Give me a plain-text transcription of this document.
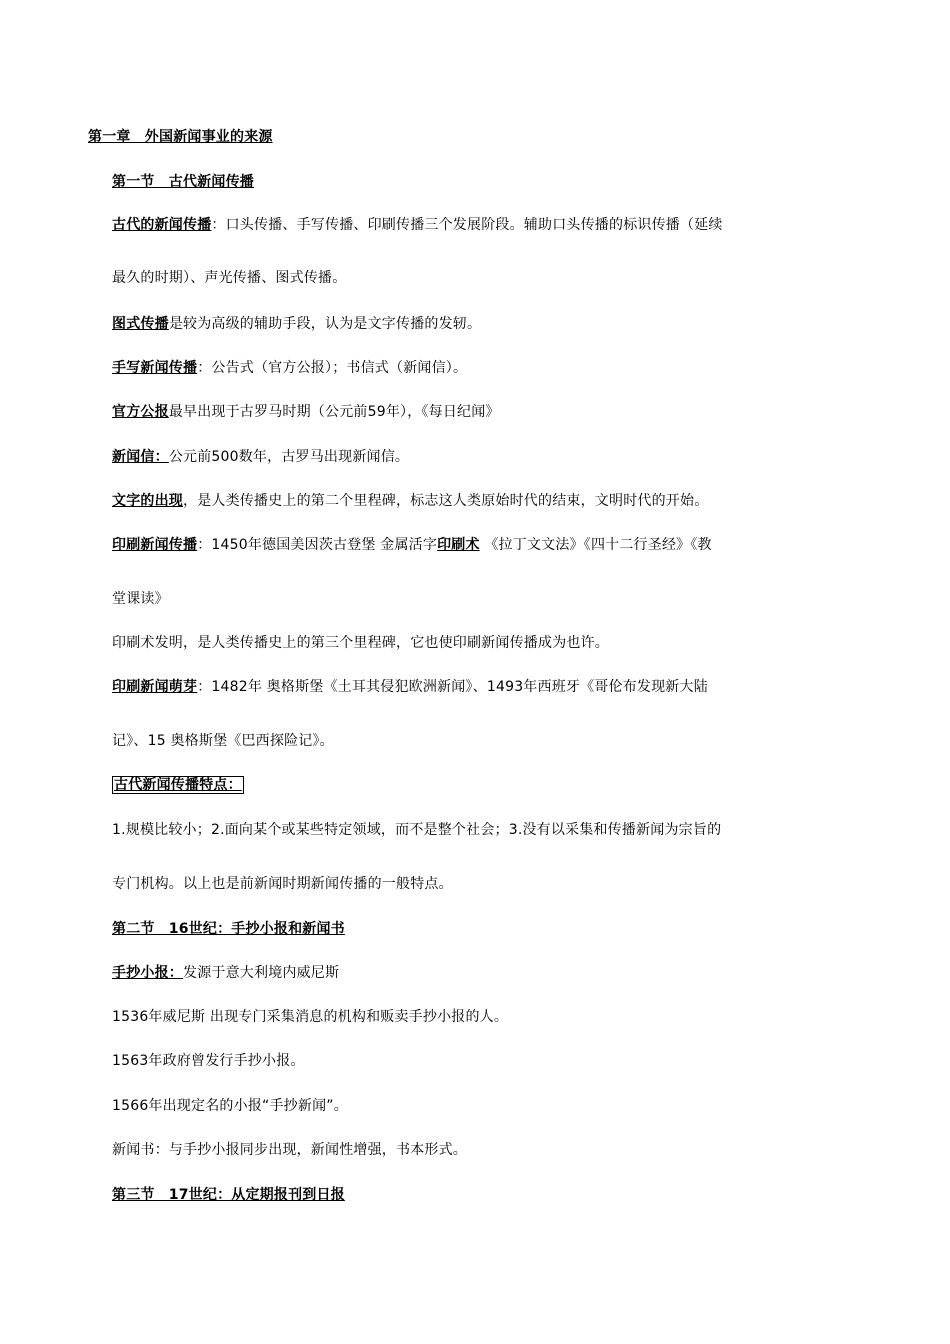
第一章　外国新闻事业的来源
第一节　古代新闻传播
古代的新闻传播：口头传播、手写传播、印刷传播三个发展阶段。辅助口头传播的标识传播（延续
最久的时期）、声光传播、图式传播。
图式传播是较为高级的辅助手段，认为是文字传播的发轫。
手写新闻传播：公告式（官方公报）；书信式（新闻信）。
官方公报最早出现于古罗马时期（公元前59年），《每日纪闻》
新闻信：公元前500数年，古罗马出现新闻信。
文字的出现，是人类传播史上的第二个里程碑，标志这人类原始时代的结束，文明时代的开始。
印刷新闻传播：1450年德国美因茨古登堡 金属活字印刷术 《拉丁文文法》《四十二行圣经》《教
堂课读》
印刷术发明，是人类传播史上的第三个里程碑，它也使印刷新闻传播成为也许。
印刷新闻萌芽：1482年 奥格斯堡《土耳其侵犯欧洲新闻》、1493年西班牙《哥伦布发现新大陆
记》、15 奥格斯堡《巴西探险记》。
古代新闻传播特点：
1.规模比较小；2.面向某个或某些特定领域，而不是整个社会；3.没有以采集和传播新闻为宗旨的
专门机构。以上也是前新闻时期新闻传播的一般特点。
第二节　16世纪：手抄小报和新闻书
手抄小报：发源于意大利境内威尼斯
1536年威尼斯 出现专门采集消息的机构和贩卖手抄小报的人。
1563年政府曾发行手抄小报。
1566年出现定名的小报“手抄新闻”。
新闻书：与手抄小报同步出现，新闻性增强，书本形式。
第三节　17世纪：从定期报刊到日报
